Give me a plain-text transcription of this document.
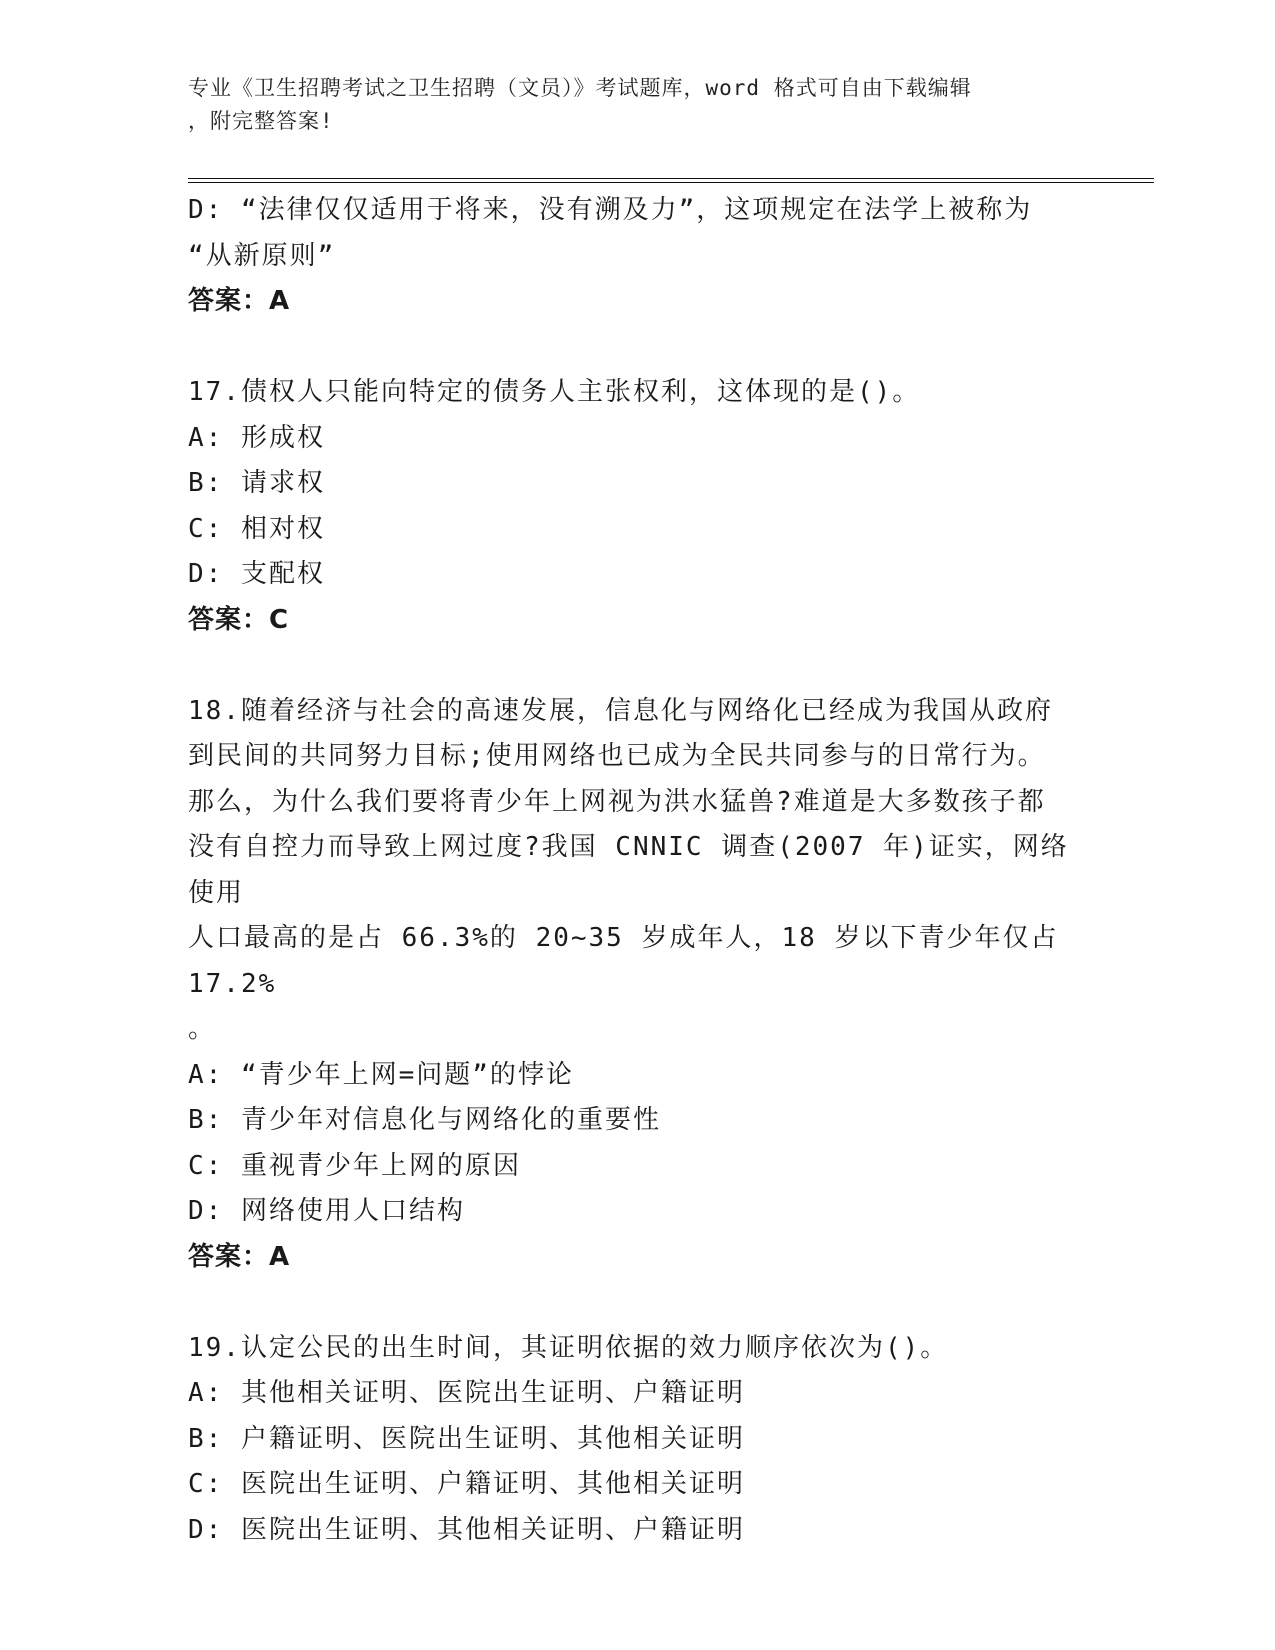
专业《卫生招聘考试之卫生招聘（文员）》考试题库，word 格式可自由下载编辑
，附完整答案!
D: “法律仅仅适用于将来，没有溯及力”，这项规定在法学上被称为
“从新原则”
答案：A
17.债权人只能向特定的债务人主张权利，这体现的是()。
A: 形成权
B: 请求权
C: 相对权
D: 支配权
答案：C
18.随着经济与社会的高速发展，信息化与网络化已经成为我国从政府
到民间的共同努力目标;使用网络也已成为全民共同参与的日常行为。
那么，为什么我们要将青少年上网视为洪水猛兽?难道是大多数孩子都
没有自控力而导致上网过度?我国 CNNIC 调查(2007 年)证实，网络使用
人口最高的是占 66.3%的 20~35 岁成年人，18 岁以下青少年仅占 17.2%
。
A: “青少年上网=问题”的悖论
B: 青少年对信息化与网络化的重要性
C: 重视青少年上网的原因
D: 网络使用人口结构
答案：A
19.认定公民的出生时间，其证明依据的效力顺序依次为()。
A: 其他相关证明、医院出生证明、户籍证明
B: 户籍证明、医院出生证明、其他相关证明
C: 医院出生证明、户籍证明、其他相关证明
D: 医院出生证明、其他相关证明、户籍证明
